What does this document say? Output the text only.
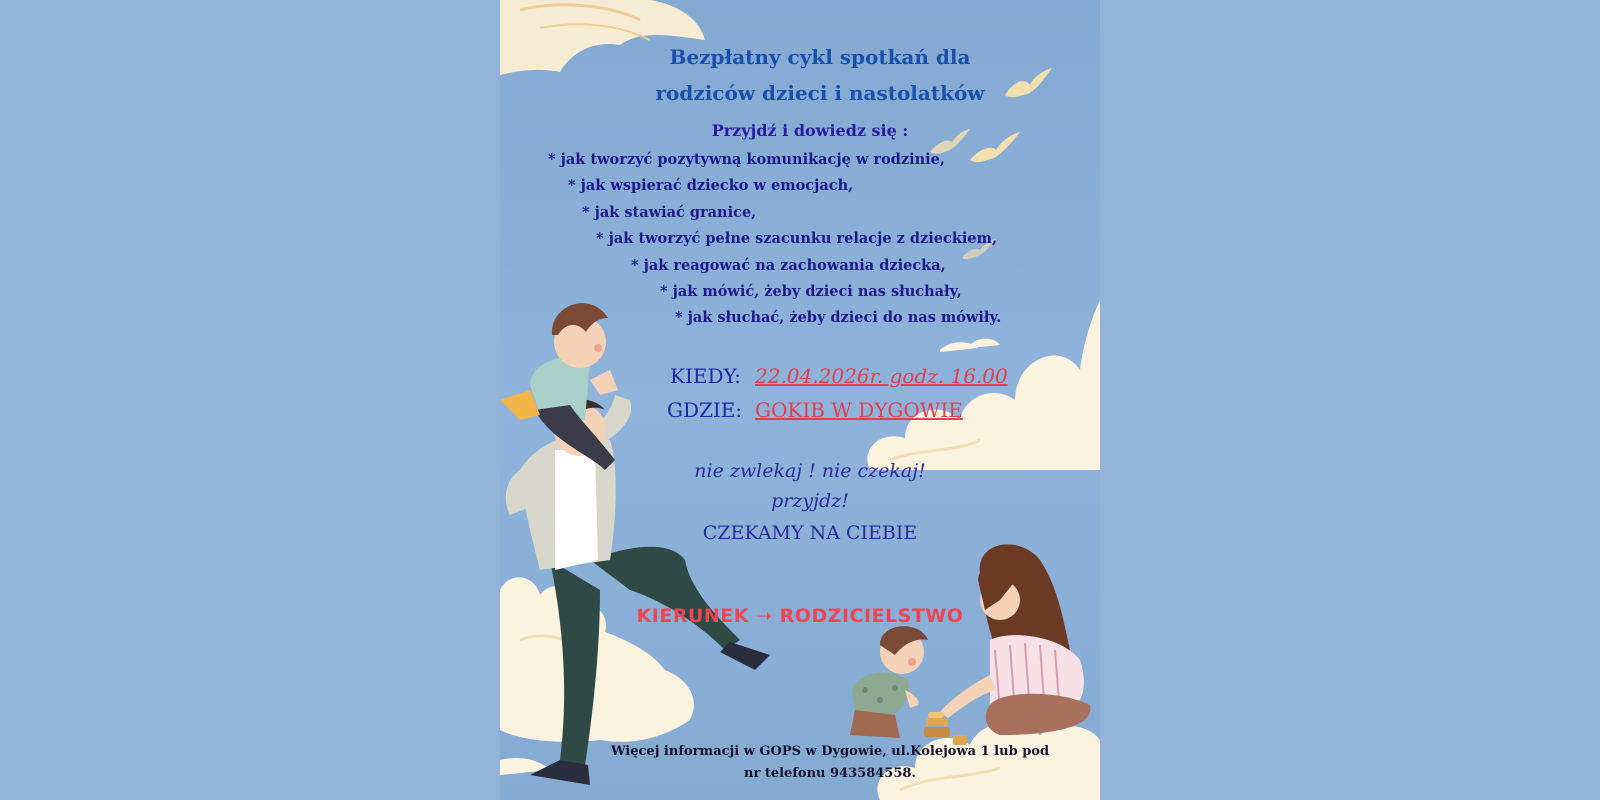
Bezpłatny cykl spotkań dla
rodziców dzieci i nastolatków
Przyjdź i dowiedz się :
* jak tworzyć pozytywną komunikację w rodzinie,
* jak wspierać dziecko w emocjach,
* jak stawiać granice,
* jak tworzyć pełne szacunku relacje z dzieckiem,
* jak reagować na zachowania dziecka,
* jak mówić, żeby dzieci nas słuchały,
* jak słuchać, żeby dzieci do nas mówiły.
KIEDY: 22.04.2026r. godz. 16.00
GDZIE: GOKIB W DYGOWIE
nie zwlekaj ! nie czekaj!
przyjdz!
CZEKAMY NA CIEBIE
KIERUNEK ➝ RODZICIELSTWO
Więcej informacji w GOPS w Dygowie, ul.Kolejowa 1 lub pod
nr telefonu 943584558.
